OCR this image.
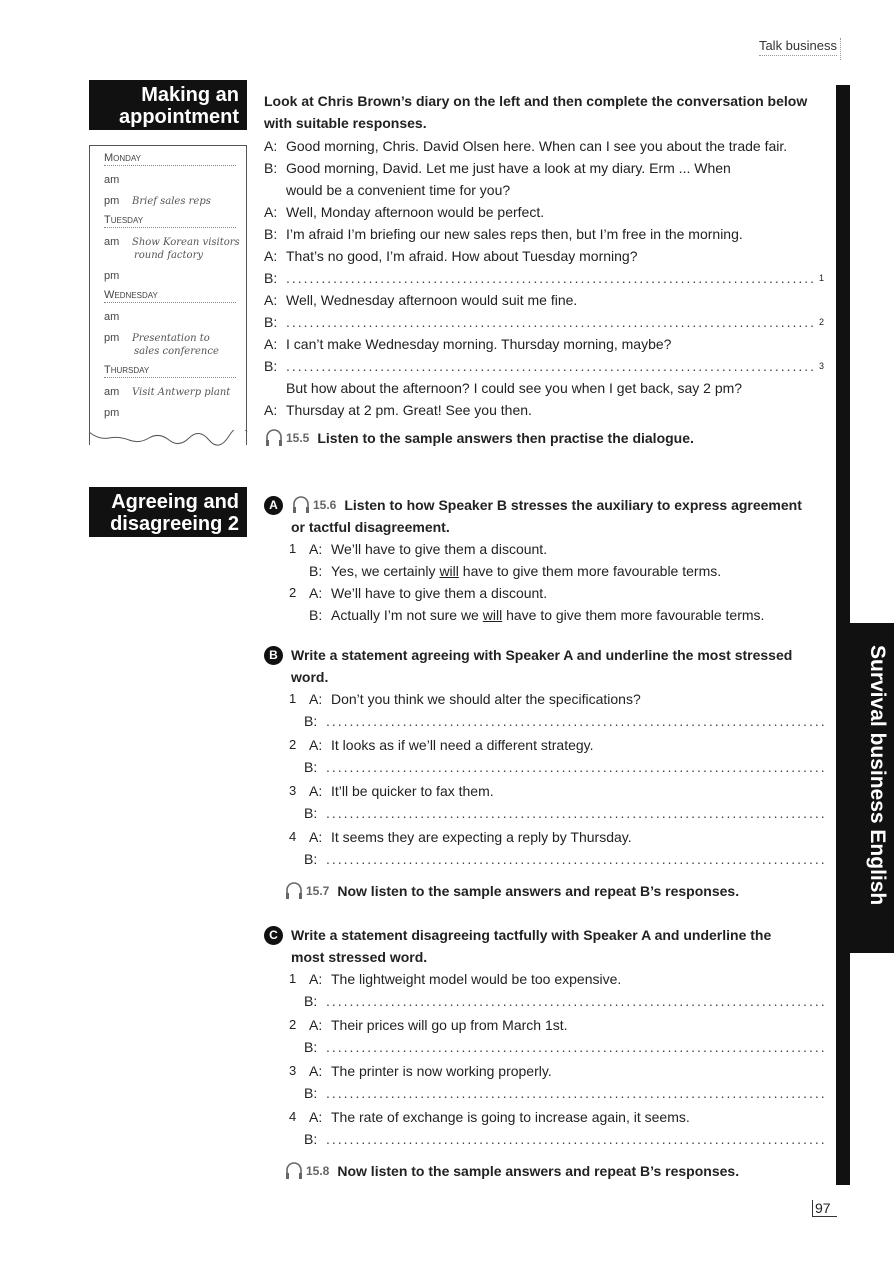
Talk business
Survival business English
Making an
appointment
Monday
am
pm	Brief sales reps
Tuesday
am	Show Korean visitors
round factory
pm
Wednesday
am
pm	Presentation to
sales conference
Thursday
am	Visit Antwerp plant
pm
Look at Chris Brown’s diary on the left and then complete the conversation below
with suitable responses.
A: Good morning, Chris. David Olsen here. When can I see you about the trade fair.
B: Good morning, David. Let me just have a look at my diary. Erm ... When
would be a convenient time for you?
A: Well, Monday afternoon would be perfect.
B: I’m afraid I’m briefing our new sales reps then, but I’m free in the morning.
A: That’s no good, I’m afraid. How about Tuesday morning?
B: .....	1
A: Well, Wednesday afternoon would suit me fine.
B: .....	2
A: I can’t make Wednesday morning. Thursday morning, maybe?
B: .....	3
But how about the afternoon? I could see you when I get back, say 2 pm?
A: Thursday at 2 pm. Great! See you then.
15.5 Listen to the sample answers then practise the dialogue.
Agreeing and
disagreeing 2
A	15.6 Listen to how Speaker B stresses the auxiliary to express agreement
or tactful disagreement.
1 A: We’ll have to give them a discount.
B: Yes, we certainly will have to give them more favourable terms.
2 A: We’ll have to give them a discount.
B: Actually I’m not sure we will have to give them more favourable terms.
B Write a statement agreeing with Speaker A and underline the most stressed
word.
1 A: Don’t you think we should alter the specifications?
B:
.....
2 A: It looks as if we’ll need a different strategy.
B:
.....
3 A: It’ll be quicker to fax them.
B:
.....
4 A: It seems they are expecting a reply by Thursday.
B:
.....
15.7 Now listen to the sample answers and repeat B’s responses.
C Write a statement disagreeing tactfully with Speaker A and underline the
most stressed word.
1 A: The lightweight model would be too expensive.
B:
.....
2 A: Their prices will go up from March 1st.
B:
.....
3 A: The printer is now working properly.
B:
.....
4 A: The rate of exchange is going to increase again, it seems.
B:
.....
15.8 Now listen to the sample answers and repeat B’s responses.
97
